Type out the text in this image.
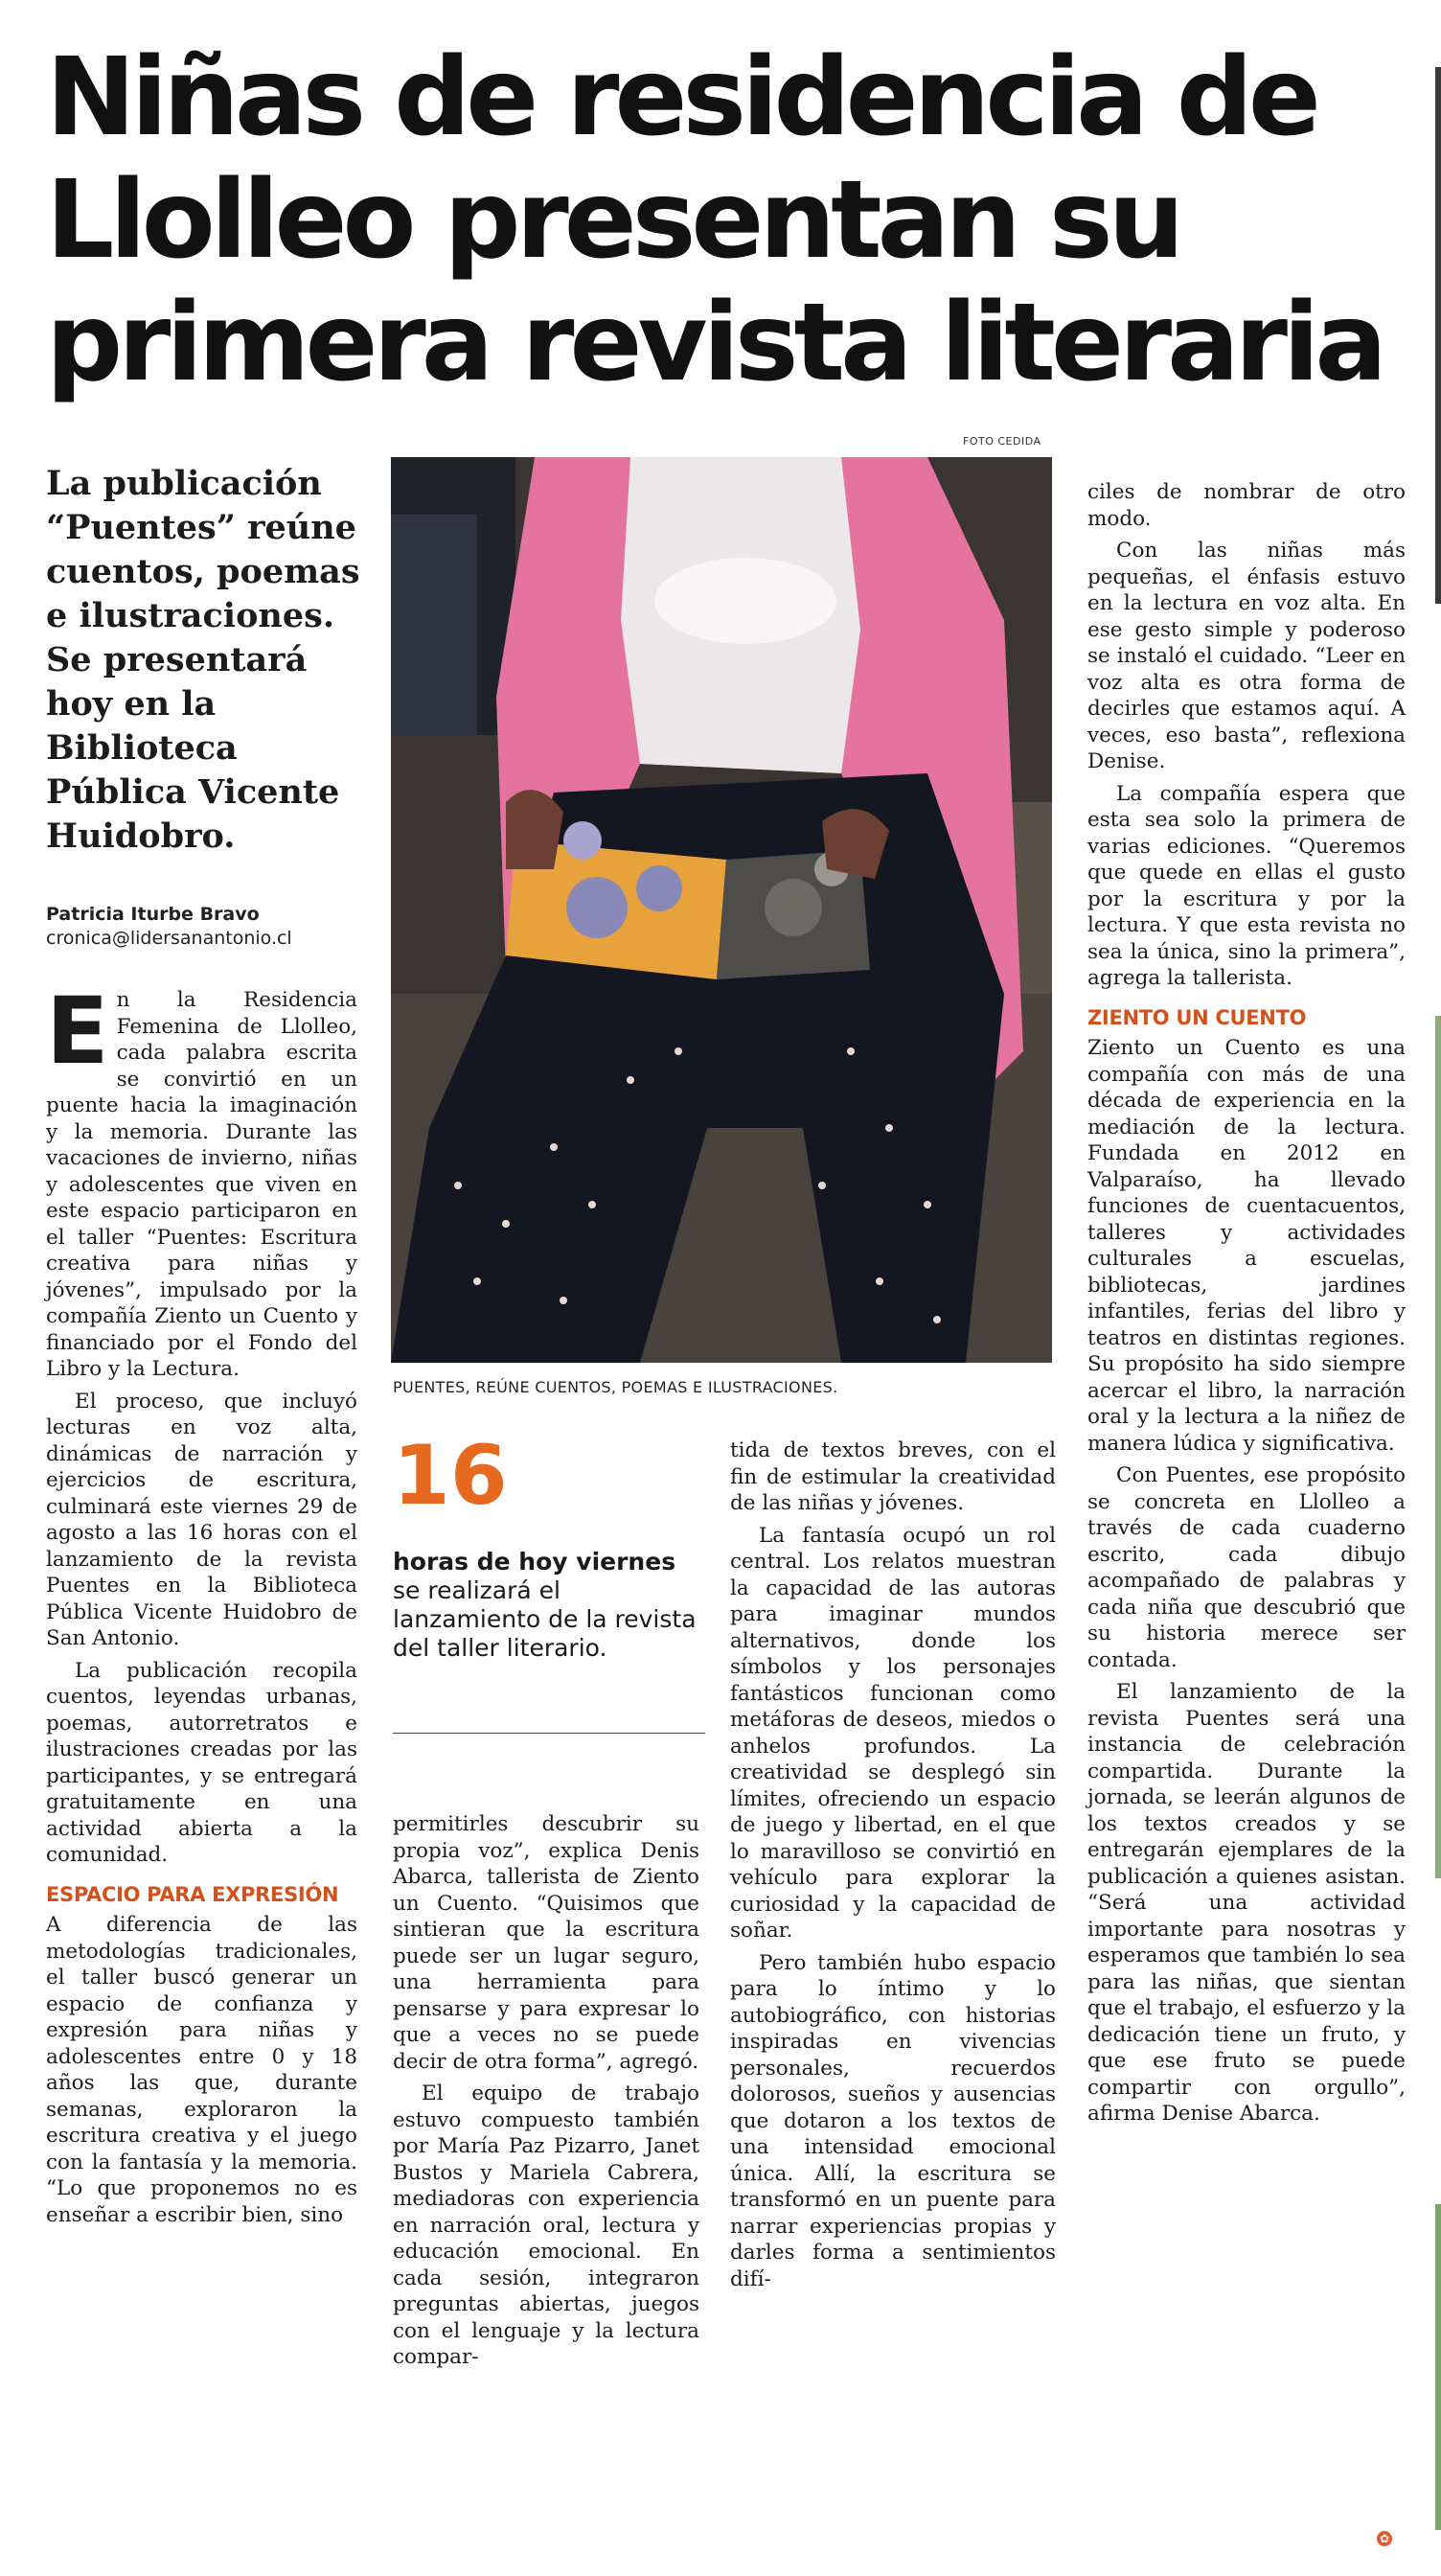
Niñas de residencia de
Llolleo presentan su
primera revista literaria
FOTO CEDIDA
La publicación
“Puentes” reúne
cuentos, poemas
e ilustraciones.
Se presentará
hoy en la
Biblioteca
Pública Vicente
Huidobro.
Patricia Iturbe Bravo
cronica@lidersanantonio.cl
PUENTES, REÚNE CUENTOS, POEMAS E ILUSTRACIONES.

En la Residencia Femenina de Llolleo, cada palabra escrita se convirtió en un puente hacia la imaginación y la memoria. Durante las vacaciones de invierno, niñas y adolescentes que viven en este espacio participaron en el taller “Puentes: Escritura creativa para niñas y jóvenes”, impulsado por la compañía Ziento un Cuento y financiado por el Fondo del Libro y la Lectura.

El proceso, que incluyó lecturas en voz alta, dinámicas de narración y ejercicios de escritura, culminará este viernes 29 de agosto a las 16 horas con el lanzamiento de la revista Puentes en la Biblioteca Pública Vicente Huidobro de San Antonio.

La publicación recopila cuentos, leyendas urbanas, poemas, autorretratos e ilustraciones creadas por las participantes, y se entregará gratuitamente en una actividad abierta a la comunidad.

ESPACIO PARA EXPRESIÓN

A diferencia de las metodologías tradicionales, el taller buscó generar un espacio de confianza y expresión para niñas y adolescentes entre 0 y 18 años las que, durante semanas, exploraron la escritura creativa y el juego con la fantasía y la memoria. “Lo que proponemos no es enseñar a escribir bien, sino

16
horas de hoy viernes se realizará el lanzamiento de la revista del taller literario.

permitirles descubrir su propia voz”, explica Denis Abarca, tallerista de Ziento un Cuento. “Quisimos que sintieran que la escritura puede ser un lugar seguro, una herramienta para pensarse y para expresar lo que a veces no se puede decir de otra forma”, agregó.

El equipo de trabajo estuvo compuesto también por María Paz Pizarro, Janet Bustos y Mariela Cabrera, mediadoras con experiencia en narración oral, lectura y educación emocional. En cada sesión, integraron preguntas abiertas, juegos con el lenguaje y la lectura compar-

tida de textos breves, con el fin de estimular la creatividad de las niñas y jóvenes.

La fantasía ocupó un rol central. Los relatos muestran la capacidad de las autoras para imaginar mundos alternativos, donde los símbolos y los personajes fantásticos funcionan como metáforas de deseos, miedos o anhelos profundos. La creatividad se desplegó sin límites, ofreciendo un espacio de juego y libertad, en el que lo maravilloso se convirtió en vehículo para explorar la curiosidad y la capacidad de soñar.

Pero también hubo espacio para lo íntimo y lo autobiográfico, con historias inspiradas en vivencias personales, recuerdos dolorosos, sueños y ausencias que dotaron a los textos de una intensidad emocional única. Allí, la escritura se transformó en un puente para narrar experiencias propias y darles forma a sentimientos difí-

ciles de nombrar de otro modo.

Con las niñas más pequeñas, el énfasis estuvo en la lectura en voz alta. En ese gesto simple y poderoso se instaló el cuidado. “Leer en voz alta es otra forma de decirles que estamos aquí. A veces, eso basta”, reflexiona Denise.

La compañía espera que esta sea solo la primera de varias ediciones. “Queremos que quede en ellas el gusto por la escritura y por la lectura. Y que esta revista no sea la única, sino la primera”, agrega la tallerista.

ZIENTO UN CUENTO

Ziento un Cuento es una compañía con más de una década de experiencia en la mediación de la lectura. Fundada en 2012 en Valparaíso, ha llevado funciones de cuentacuentos, talleres y actividades culturales a escuelas, bibliotecas, jardines infantiles, ferias del libro y teatros en distintas regiones. Su propósito ha sido siempre acercar el libro, la narración oral y la lectura a la niñez de manera lúdica y significativa.

Con Puentes, ese propósito se concreta en Llolleo a través de cada cuaderno escrito, cada dibujo acompañado de palabras y cada niña que descubrió que su historia merece ser contada.

El lanzamiento de la revista Puentes será una instancia de celebración compartida. Durante la jornada, se leerán algunos de los textos creados y se entregarán ejemplares de la publicación a quienes asistan. “Será una actividad importante para nosotras y esperamos que también lo sea para las niñas, que sientan que el trabajo, el esfuerzo y la dedicación tiene un fruto, y que ese fruto se puede compartir con orgullo”, afirma Denise Abarca.

✿
